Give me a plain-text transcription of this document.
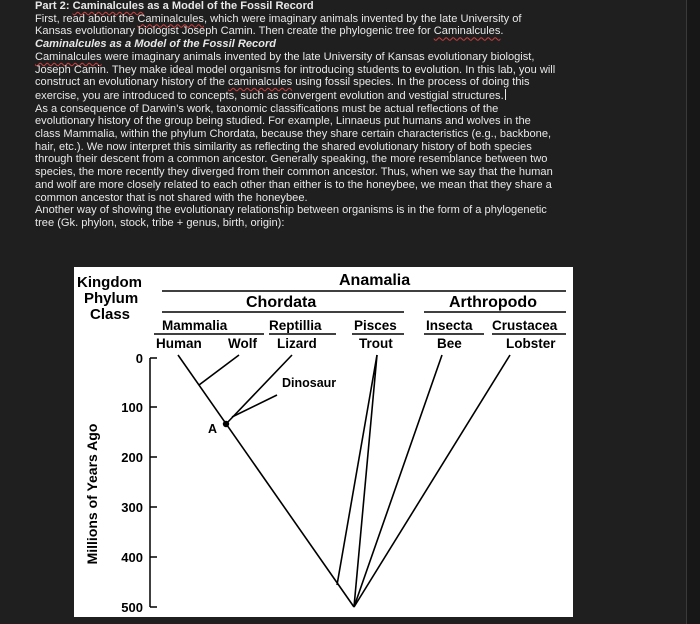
Part 2: Caminalcules as a Model of the Fossil Record

First, read about the Caminalcules, which were imaginary animals invented by the late University of

Kansas evolutionary biologist Joseph Camin. Then create the phylogenic tree for Caminalcules.

Caminalcules as a Model of the Fossil Record

Caminalcules were imaginary animals invented by the late University of Kansas evolutionary biologist,

Joseph Camin. They make ideal model organisms for introducing students to evolution. In this lab, you will

construct an evolutionary history of the caminalcules using fossil species. In the process of doing this

exercise, you are introduced to concepts, such as convergent evolution and vestigial structures.

As a consequence of Darwin's work, taxonomic classifications must be actual reflections of the

evolutionary history of the group being studied. For example, Linnaeus put humans and wolves in the

class Mammalia, within the phylum Chordata, because they share certain characteristics (e.g., backbone,

hair, etc.). We now interpret this similarity as reflecting the shared evolutionary history of both species

through their descent from a common ancestor. Generally speaking, the more resemblance between two

species, the more recently they diverged from their common ancestor. Thus, when we say that the human

and wolf are more closely related to each other than either is to the honeybee, we mean that they share a

common ancestor that is not shared with the honeybee.

Another way of showing the evolutionary relationship between organisms is in the form of a phylogenetic

tree (Gk. phylon, stock, tribe + genus, birth, origin):

Kingdom
Phylum
Class
Anamalia
Chordata	Arthropodo
Mammalia	Reptillia Pisces Insecta Crustacea
Human Wolf Lizard	Trout	Bee	Lobster
0
100
200
300
400
500
Millions of Years Ago	A
Dinosaur
